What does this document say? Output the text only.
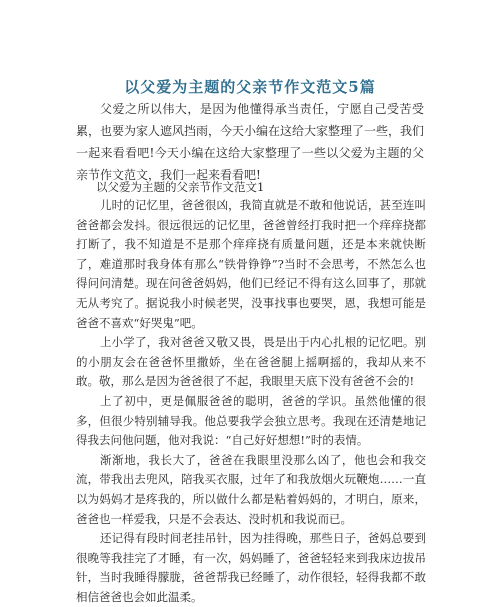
以父爱为主题的父亲节作文范文5篇

父爱之所以伟大，是因为他懂得承当责任，宁愿自己受苦受累，也要为家人遮风挡雨，今天小编在这给大家整理了一些，我们一起来看看吧!今天小编在这给大家整理了一些以父爱为主题的父亲节作文范文，我们一起来看看吧!

以父爱为主题的父亲节作文范文1

儿时的记忆里，爸爸很凶，我简直就是不敢和他说话，甚至连叫爸爸都会发抖。很远很远的记忆里，爸爸曾经打我时把一个痒痒挠都打断了，我不知道是不是那个痒痒挠有质量问题，还是本来就快断了，难道那时我身体有那么“铁骨铮铮”?当时不会思考，不然怎么也得问问清楚。现在问爸爸妈妈，他们已经记不得有这么回事了，那就无从考究了。据说我小时候老哭，没事找事也要哭，恩，我想可能是爸爸不喜欢“好哭鬼”吧。

上小学了，我对爸爸又敬又畏，畏是出于内心扎根的记忆吧。别的小朋友会在爸爸怀里撒娇，坐在爸爸腿上摇啊摇的，我却从来不敢。敬，那么是因为爸爸很了不起，我眼里天底下没有爸爸不会的!

上了初中，更是佩服爸爸的聪明，爸爸的学识。虽然他懂的很多，但很少特别辅导我。他总要我学会独立思考。我现在还清楚地记得我去问他问题，他对我说：“自己好好想想!”时的表情。

渐渐地，我长大了，爸爸在我眼里没那么凶了，他也会和我交流，带我出去兜风，陪我买衣服，过年了和我放烟火玩鞭炮……一直以为妈妈才是疼我的，所以做什么都是粘着妈妈的，才明白，原来，爸爸也一样爱我，只是不会表达、没时机和我说而已。

还记得有段时间老挂吊针，因为挂得晚，那些日子，爸妈总要到很晚等我挂完了才睡，有一次，妈妈睡了，爸爸轻轻来到我床边拔吊针，当时我睡得朦胧，爸爸帮我已经睡了，动作很轻，轻得我都不敢相信爸爸也会如此温柔。
